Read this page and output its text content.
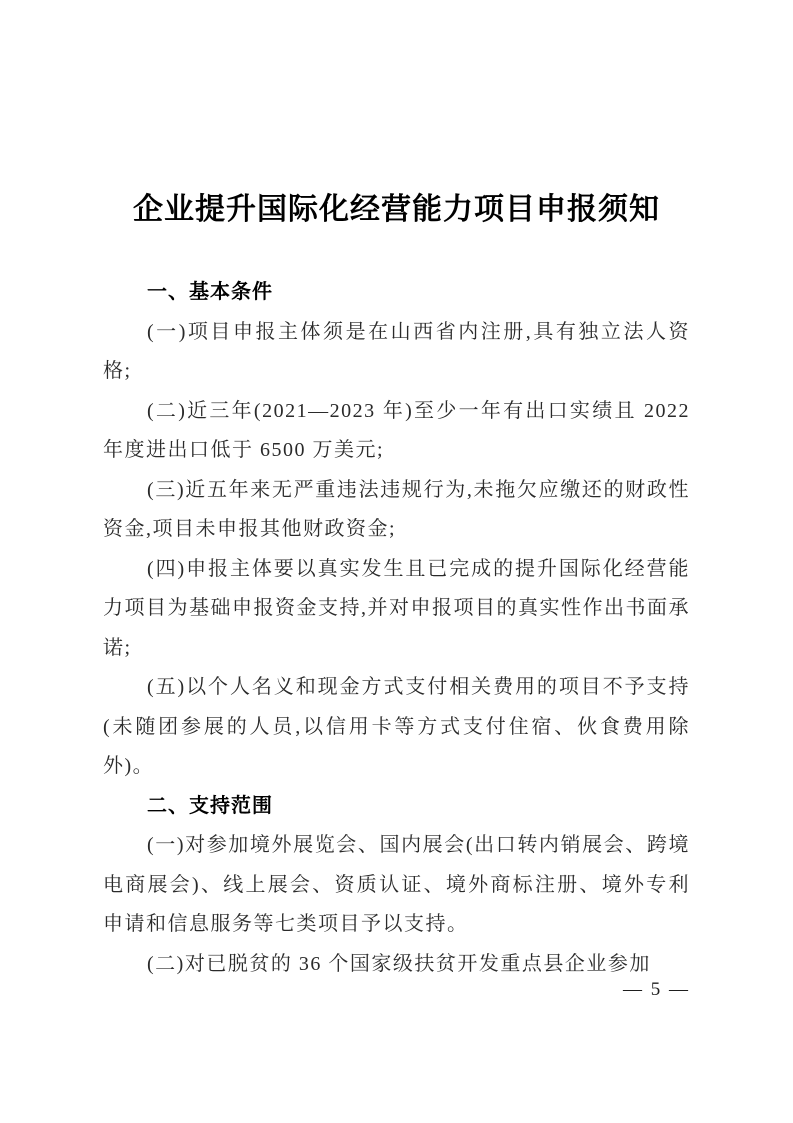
企业提升国际化经营能力项目申报须知
一、基本条件

(一)项目申报主体须是在山西省内注册,具有独立法人资格;

(二)近三年(2021—2023 年)至少一年有出口实绩且 2022 年度进出口低于 6500 万美元;

(三)近五年来无严重违法违规行为,未拖欠应缴还的财政性资金,项目未申报其他财政资金;

(四)申报主体要以真实发生且已完成的提升国际化经营能力项目为基础申报资金支持,并对申报项目的真实性作出书面承诺;

(五)以个人名义和现金方式支付相关费用的项目不予支持(未随团参展的人员,以信用卡等方式支付住宿、伙食费用除外)。

二、支持范围

(一)对参加境外展览会、国内展会(出口转内销展会、跨境电商展会)、线上展会、资质认证、境外商标注册、境外专利申请和信息服务等七类项目予以支持。

(二)对已脱贫的 36 个国家级扶贫开发重点县企业参加

— 5 —
